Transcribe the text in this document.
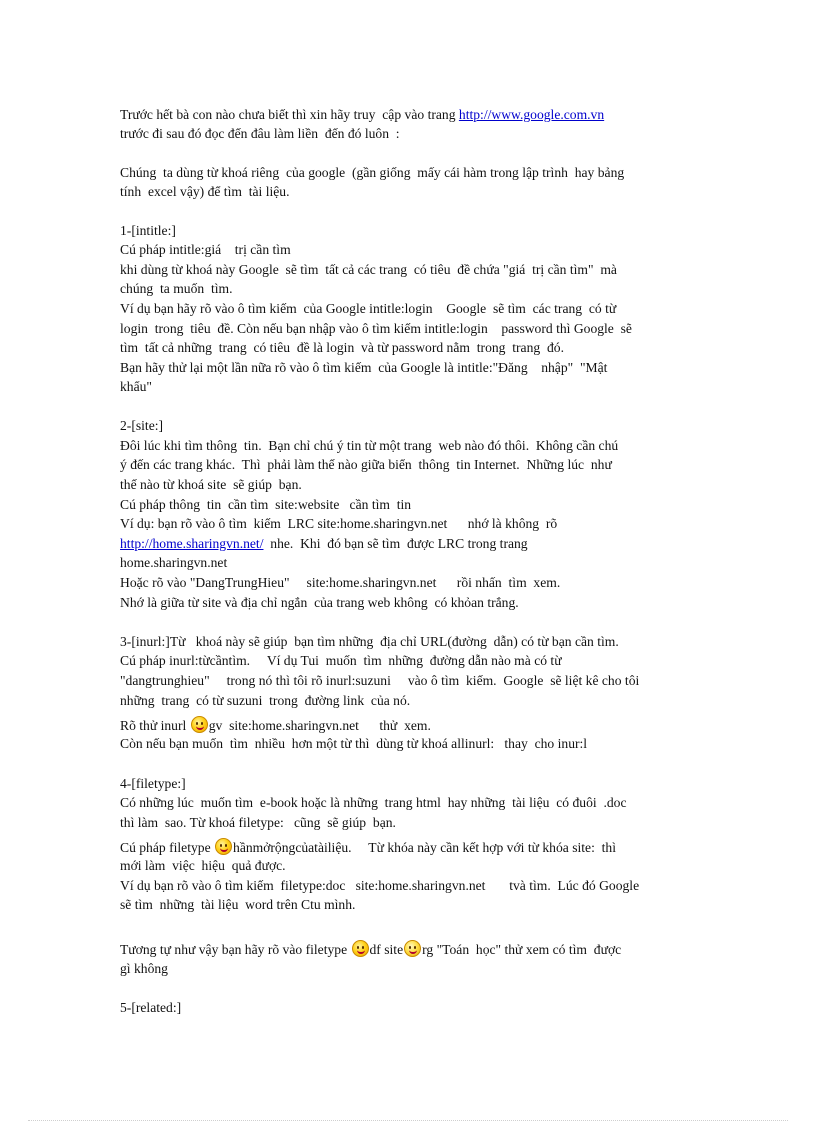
Trước hết bà con nào chưa biết thì xin hãy truy  cập vào trang http://www.google.com.vn
trước đi sau đó đọc đến đâu làm liền  đến đó luôn  :
Chúng  ta dùng từ khoá riêng  của google  (gần giống  mấy cái hàm trong lập trình  hay bảng
tính  excel vậy) để tìm  tài liệu.
1-[intitle:]
Cú pháp intitle:giá    trị cần tìm
khi dùng từ khoá này Google  sẽ tìm  tất cả các trang  có tiêu  đề chứa "giá  trị cần tìm"  mà
chúng  ta muốn  tìm.
Ví dụ bạn hãy rõ vào ô tìm kiếm  của Google intitle:login    Google  sẽ tìm  các trang  có từ
login  trong  tiêu  đề. Còn nếu bạn nhập vào ô tìm kiếm intitle:login    password thì Google  sẽ
tìm  tất cả những  trang  có tiêu  đề là login  và từ password nằm  trong  trang  đó.
Bạn hãy thử lại một lần nữa rõ vào ô tìm kiếm  của Google là intitle:"Đăng    nhập"  "Mật
khẩu"
2-[site:]
Đôi lúc khi tìm thông  tin.  Bạn chỉ chú ý tin từ một trang  web nào đó thôi.  Không cần chú
ý đến các trang khác.  Thì  phải làm thế nào giữa biển  thông  tin Internet.  Những lúc  như
thế nào từ khoá site  sẽ giúp  bạn.
Cú pháp thông  tin  cần tìm  site:website   cần tìm  tin
Ví dụ: bạn rõ vào ô tìm  kiếm  LRC site:home.sharingvn.net      nhớ là không  rõ
http://home.sharingvn.net/  nhe.  Khi  đó bạn sẽ tìm  được LRC trong trang
home.sharingvn.net
Hoặc rõ vào "DangTrungHieu"     site:home.sharingvn.net      rồi nhấn  tìm  xem.
Nhớ là giữa từ site và địa chỉ ngắn  của trang web không  có khỏan trắng.
3-[inurl:]Từ   khoá này sẽ giúp  bạn tìm những  địa chỉ URL(đường  dẫn) có từ bạn cần tìm.
Cú pháp inurl:từcầntìm.     Ví dụ Tui  muốn  tìm  những  đường dẫn nào mà có từ
"dangtrunghieu"     trong nó thì tôi rõ inurl:suzuni     vào ô tìm  kiếm.  Google  sẽ liệt kê cho tôi
những  trang  có từ suzuni  trong  đường link  của nó.
Rõ thử inurl gv  site:home.sharingvn.net      thử  xem.
Còn nếu bạn muốn  tìm  nhiều  hơn một từ thì  dùng từ khoá allinurl:   thay  cho inur:l
4-[filetype:]
Có những lúc  muốn tìm  e-book hoặc là những  trang html  hay những  tài liệu  có đuôi  .doc
thì làm  sao. Từ khoá filetype:   cũng  sẽ giúp  bạn.
Cú pháp filetype hầnmởrộngcủatàiliệu.     Từ khóa này cần kết hợp với từ khóa site:  thì
mới làm  việc  hiệu  quả được.
Ví dụ bạn rõ vào ô tìm kiếm  filetype:doc   site:home.sharingvn.net       tvà tìm.  Lúc đó Google
sẽ tìm  những  tài liệu  word trên Ctu mình.
Tương tự như vậy bạn hãy rõ vào filetype df site rg "Toán  học" thử xem có tìm  được
gì không
5-[related:]
